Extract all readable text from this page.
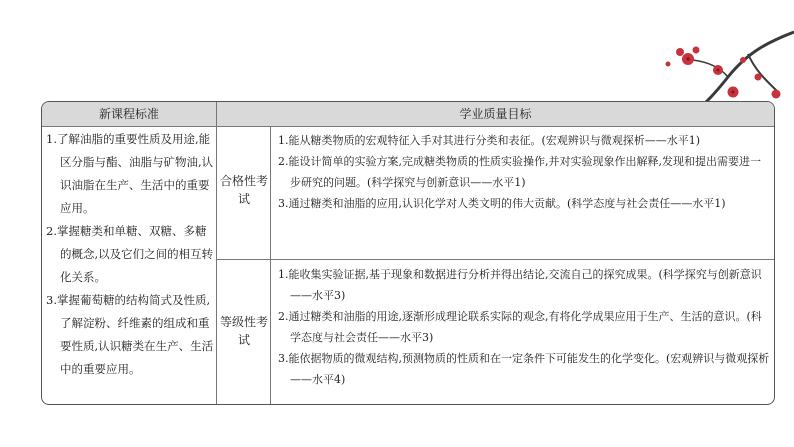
新课程标准	学业质量目标
1.了解油脂的重要性质及用途,能区分脂与酯、油脂与矿物油,认识油脂在生产、生活中的重要应用。
2.掌握糖类和单糖、双糖、多糖的概念,以及它们之间的相互转化关系。
3.掌握葡萄糖的结构简式及性质,了解淀粉、纤维素的组成和重要性质,认识糖类在生产、生活中的重要应用。
合格性考试
等级性考试
1.能从糖类物质的宏观特征入手对其进行分类和表征。(宏观辨识与微观探析——水平1)
2.能设计简单的实验方案,完成糖类物质的性质实验操作,并对实验现象作出解释,发现和提出需要进一步研究的问题。(科学探究与创新意识——水平1)
3.通过糖类和油脂的应用,认识化学对人类文明的伟大贡献。(科学态度与社会责任——水平1)
1.能收集实验证据,基于现象和数据进行分析并得出结论,交流自己的探究成果。(科学探究与创新意识——水平3)
2.通过糖类和油脂的用途,逐渐形成理论联系实际的观念,有将化学成果应用于生产、生活的意识。(科学态度与社会责任——水平3)
3.能依据物质的微观结构,预测物质的性质和在一定条件下可能发生的化学变化。(宏观辨识与微观探析——水平4)
